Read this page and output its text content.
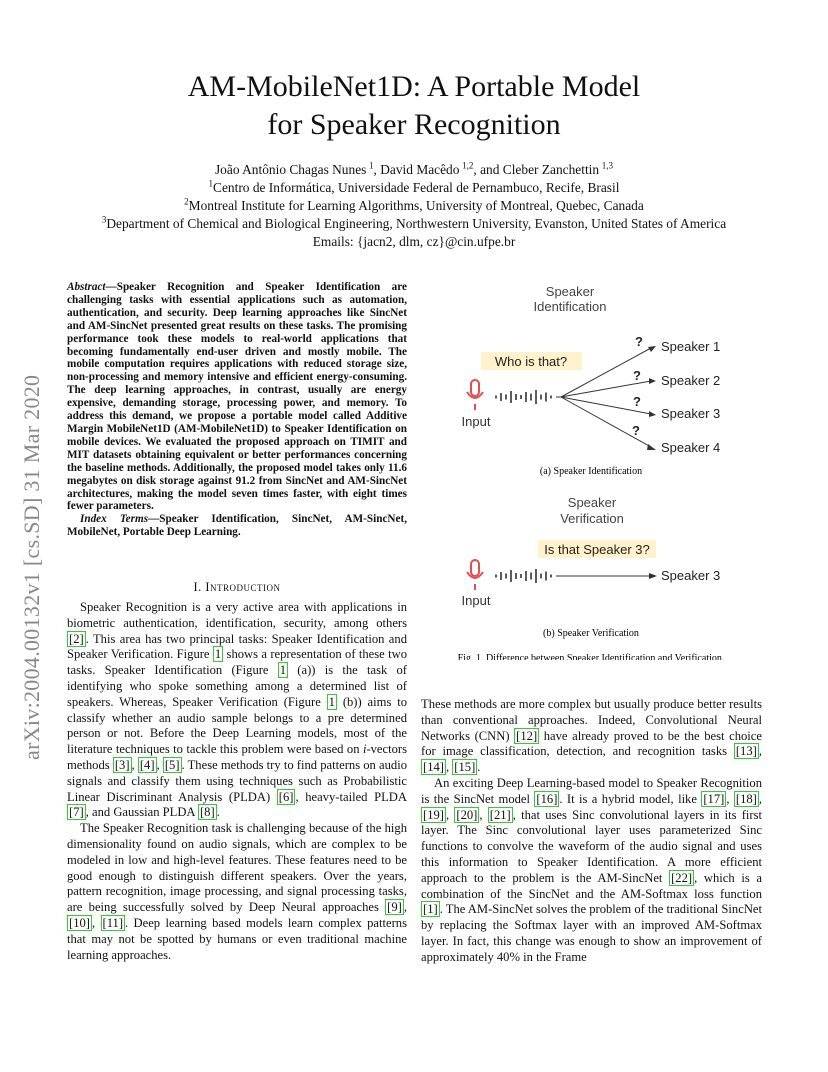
AM-MobileNet1D: A Portable Model
for Speaker Recognition
João Antônio Chagas Nunes  $^1$, David Macêdo  $^{1,2}$, and Cleber Zanchettin  $^{1,3}$
$^1$Centro de Informática, Universidade Federal de Pernambuco, Recife, Brasil
$^2$Montreal Institute for Learning Algorithms, University of Montreal, Quebec, Canada
$^3$Department of Chemical and Biological Engineering, Northwestern University, Evanston, United States of America
Emails: {jacn2, dlm, cz}@cin.ufpe.br
arXiv:2004.00132v1 [cs.SD] 31 Mar 2020

Abstract—Speaker Recognition and Speaker Identification are challenging tasks with essential applications such as automation, authentication, and security. Deep learning approaches like SincNet and AM-SincNet presented great results on these tasks. The promising performance took these models to real-world applications that becoming fundamentally end-user driven and mostly mobile. The mobile computation requires applications with reduced storage size, non-processing and memory intensive and efficient energy-consuming. The deep learning approaches, in contrast, usually are energy expensive, demanding storage, processing power, and memory. To address this demand, we propose a portable model called Additive Margin MobileNet1D (AM-MobileNet1D) to Speaker Identification on mobile devices. We evaluated the proposed approach on TIMIT and MIT datasets obtaining equivalent or better performances concerning the baseline methods. Additionally, the proposed model takes only 11.6 megabytes on disk storage against 91.2 from SincNet and AM-SincNet architectures, making the model seven times faster, with eight times fewer parameters.

Index Terms—Speaker Identification, SincNet, AM-SincNet, MobileNet, Portable Deep Learning.

I. Introduction

Speaker Recognition is a very active area with applications in biometric authentication, identification, security, among others [2] . This area has two principal tasks: Speaker Identification and Speaker Verification. Figure 1 shows a representation of these two tasks. Speaker Identification (Figure 1 (a)) is the task of identifying who spoke something among a determined list of speakers. Whereas, Speaker Verification (Figure 1 (b)) aims to classify whether an audio sample belongs to a pre determined person or not. Before the Deep Learning models, most of the literature techniques to tackle this problem were based on i-vectors methods [3] , [4] , [5] . These methods try to find patterns on audio signals and classify them using techniques such as Probabilistic Linear Discriminant Analysis (PLDA) [6] , heavy-tailed PLDA [7] , and Gaussian PLDA [8] .

The Speaker Recognition task is challenging because of the high dimensionality found on audio signals, which are complex to be modeled in low and high-level features. These features need to be good enough to distinguish different speakers. Over the years, pattern recognition, image processing, and signal processing tasks, are being successfully solved by Deep Neural approaches [9] , [10] , [11] . Deep learning based models learn complex patterns that may not be spotted by humans or even traditional machine learning approaches.

Speaker
Identification
Who is that?
Input
?
?
?
?
Speaker 1
Speaker 2
Speaker 3
Speaker 4
(a) Speaker Identification
Speaker
Verification
Is that Speaker 3?
Input
Speaker 3
(b) Speaker Verification
Fig. 1. Difference between Speaker Identification and Verification.

These methods are more complex but usually produce better results than conventional approaches. Indeed, Convolutional Neural Networks (CNN) [12] have already proved to be the best choice for image classification, detection, and recognition tasks [13] , [14] , [15] .

An exciting Deep Learning-based model to Speaker Recognition is the SincNet model [16] . It is a hybrid model, like [17] , [18] , [19] , [20] , [21] , that uses Sinc convolutional layers in its first layer. The Sinc convolutional layer uses parameterized Sinc functions to convolve the waveform of the audio signal and uses this information to Speaker Identification. A more efficient approach to the problem is the AM-SincNet [22] , which is a combination of the SincNet and the AM-Softmax loss function [1] . The AM-SincNet solves the problem of the traditional SincNet by replacing the Softmax layer with an improved AM-Softmax layer. In fact, this change was enough to show an improvement of approximately 40% in the Frame
